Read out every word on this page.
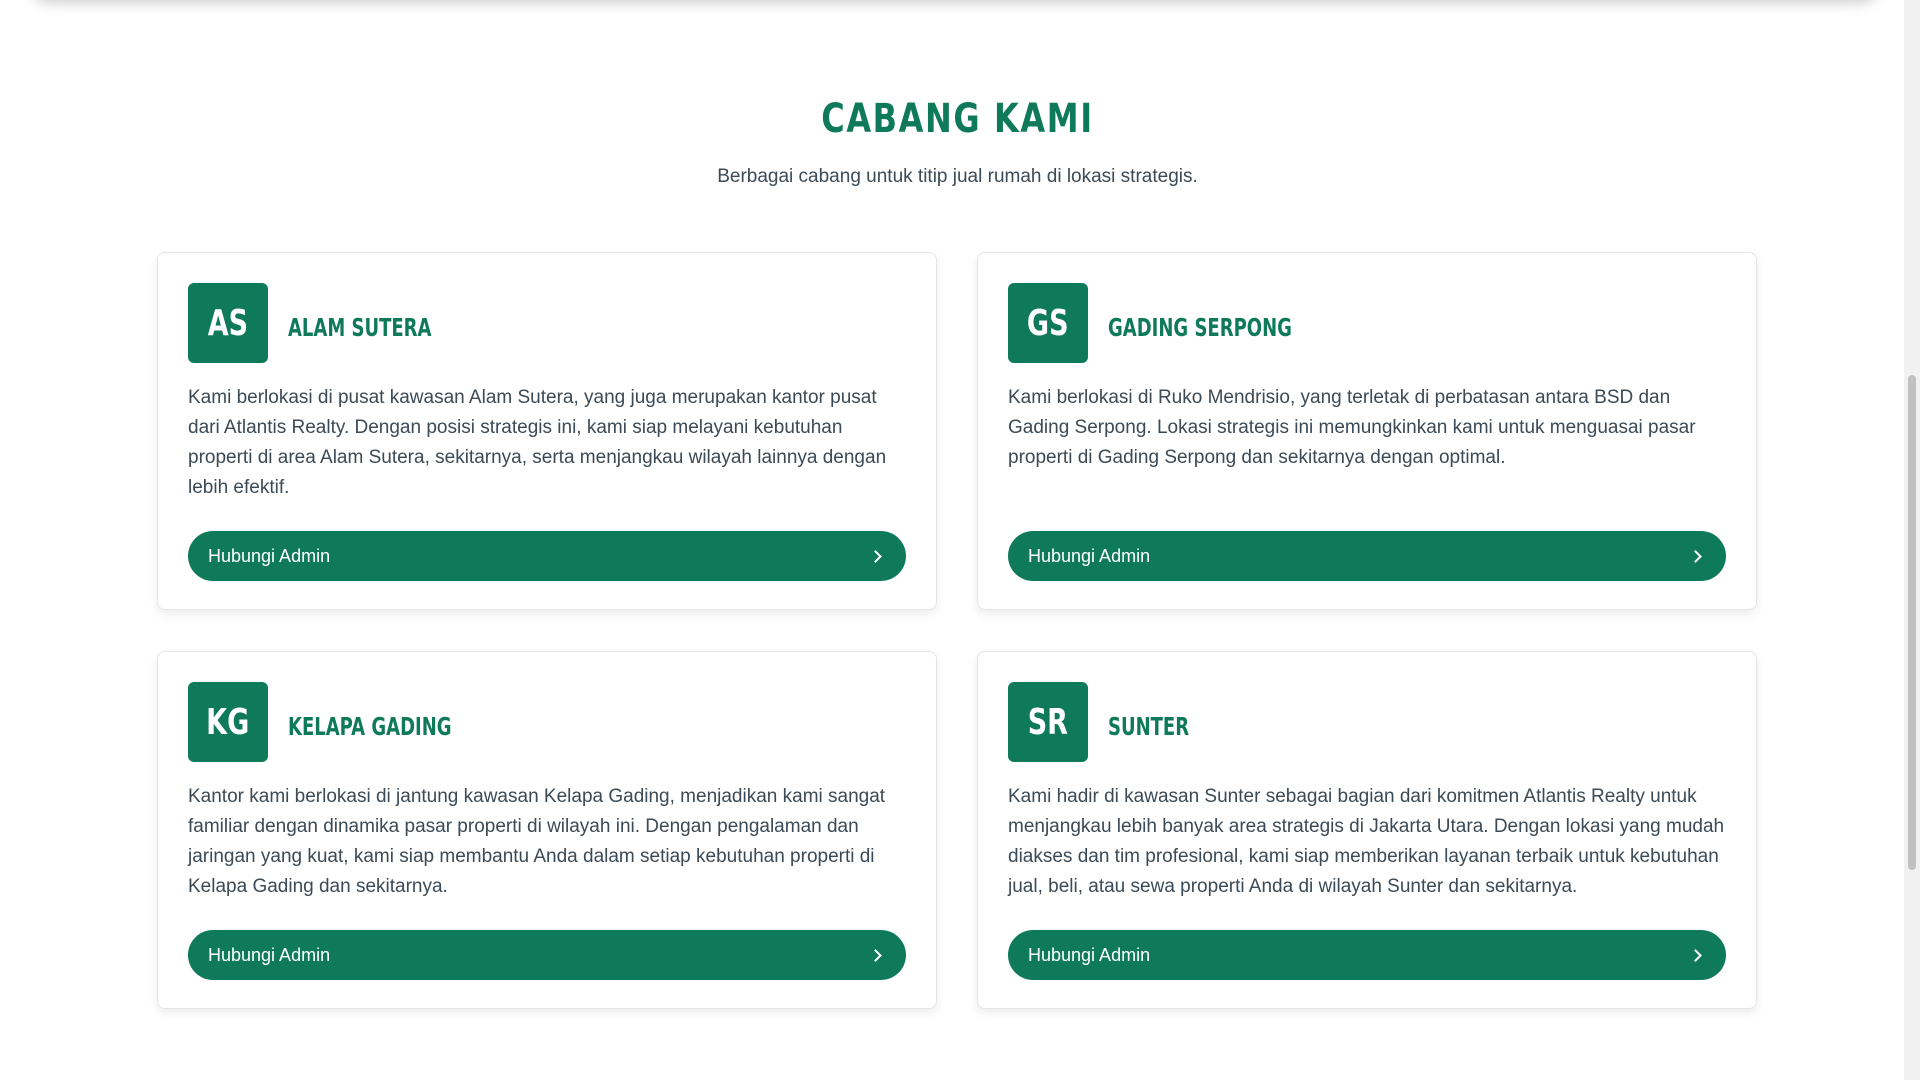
CABANG KAMI

Berbagai cabang untuk titip jual rumah di lokasi strategis.

AS ALAM SUTERA

Kami berlokasi di pusat kawasan Alam Sutera, yang juga merupakan kantor pusat dari Atlantis Realty. Dengan posisi strategis ini, kami siap melayani kebutuhan properti di area Alam Sutera, sekitarnya, serta menjangkau wilayah lainnya dengan lebih efektif.

Hubungi Admin
GS GADING SERPONG

Kami berlokasi di Ruko Mendrisio, yang terletak di perbatasan antara BSD dan Gading Serpong. Lokasi strategis ini memungkinkan kami untuk menguasai pasar properti di Gading Serpong dan sekitarnya dengan optimal.

Hubungi Admin
KG KELAPA GADING

Kantor kami berlokasi di jantung kawasan Kelapa Gading, menjadikan kami sangat familiar dengan dinamika pasar properti di wilayah ini. Dengan pengalaman dan jaringan yang kuat, kami siap membantu Anda dalam setiap kebutuhan properti di Kelapa Gading dan sekitarnya.

Hubungi Admin
SR SUNTER

Kami hadir di kawasan Sunter sebagai bagian dari komitmen Atlantis Realty untuk menjangkau lebih banyak area strategis di Jakarta Utara. Dengan lokasi yang mudah diakses dan tim profesional, kami siap memberikan layanan terbaik untuk kebutuhan jual, beli, atau sewa properti Anda di wilayah Sunter dan sekitarnya.

Hubungi Admin
